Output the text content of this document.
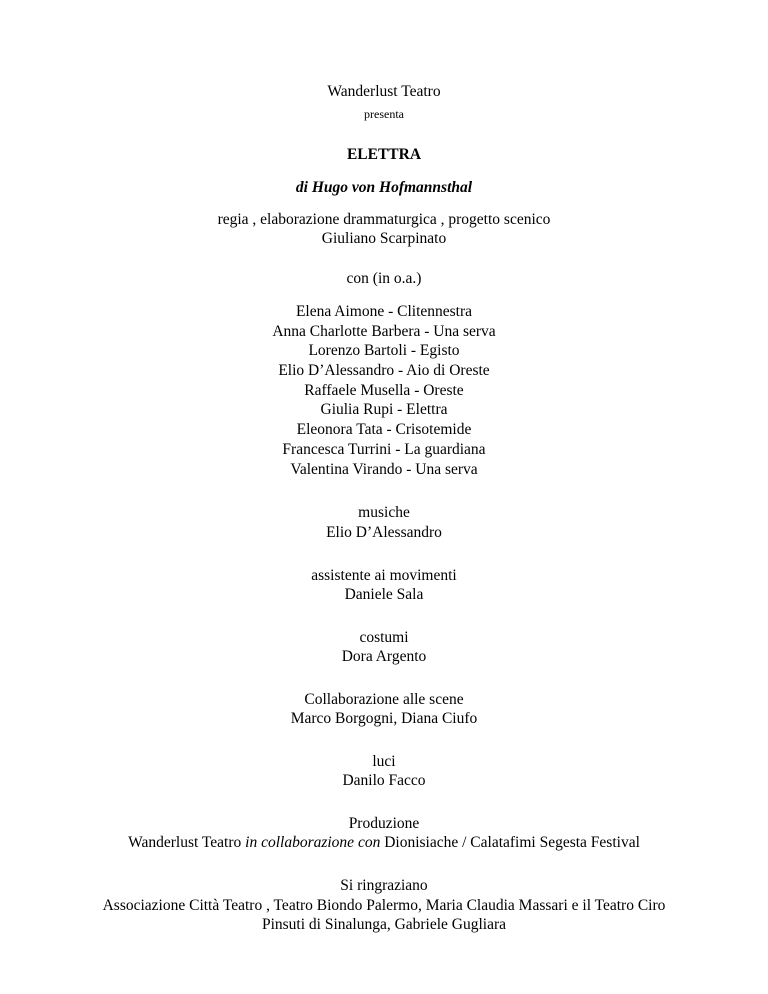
Wanderlust Teatro
presenta
ELETTRA
di Hugo von Hofmannsthal
regia , elaborazione drammaturgica , progetto scenico
Giuliano Scarpinato
con (in o.a.)
Elena Aimone - Clitennestra
Anna Charlotte Barbera - Una serva
Lorenzo Bartoli - Egisto
Elio D’Alessandro - Aio di Oreste
Raffaele Musella - Oreste
Giulia Rupi - Elettra
Eleonora Tata - Crisotemide
Francesca Turrini - La guardiana
Valentina Virando - Una serva
musiche
Elio D’Alessandro
assistente ai movimenti
Daniele Sala
costumi
Dora Argento
Collaborazione alle scene
Marco Borgogni, Diana Ciufo
luci
Danilo Facco
Produzione
Wanderlust Teatro in collaborazione con Dionisiache / Calatafimi Segesta Festival
Si ringraziano
Associazione Città Teatro , Teatro Biondo Palermo, Maria Claudia Massari e il Teatro Ciro
Pinsuti di Sinalunga, Gabriele Gugliara
